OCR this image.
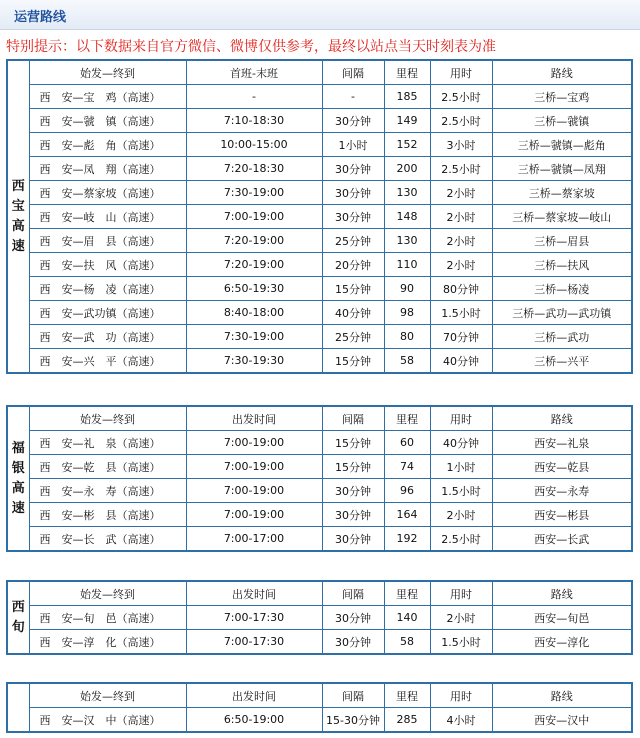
运营路线
特别提示：以下数据来自官方微信、微博仅供参考，最终以站点当天时刻表为准
西
宝
高
速	始发—终到	首班-末班	间隔	里程	用时	路线
	西　安—宝　鸡（高速）	-	-	185	2.5小时	三桥—宝鸡
	西　安—虢　镇（高速）	7:10-18:30	30分钟	149	2.5小时	三桥—虢镇
	西　安—彪　角（高速）	10:00-15:00	1小时	152	3小时	三桥—虢镇—彪角
	西　安—凤　翔（高速）	7:20-18:30	30分钟	200	2.5小时	三桥—虢镇—凤翔
	西　安—蔡家坡（高速）	7:30-19:00	30分钟	130	2小时	三桥—蔡家坡
	西　安—岐　山（高速）	7:00-19:00	30分钟	148	2小时	三桥—蔡家坡—岐山
	西　安—眉　县（高速）	7:20-19:00	25分钟	130	2小时	三桥—眉县
	西　安—扶　风（高速）	7:20-19:00	20分钟	110	2小时	三桥—扶风
	西　安—杨　凌（高速）	6:50-19:30	15分钟	90	80分钟	三桥—杨凌
	西　安—武功镇（高速）	8:40-18:00	40分钟	98	1.5小时	三桥—武功—武功镇
	西　安—武　功（高速）	7:30-19:00	25分钟	80	70分钟	三桥—武功
	西　安—兴　平（高速）	7:30-19:30	15分钟	58	40分钟	三桥—兴平
福
银
高
速	始发—终到	出发时间	间隔	里程	用时	路线
	西　安—礼　泉（高速）	7:00-19:00	15分钟	60	40分钟	西安—礼泉
	西　安—乾　县（高速）	7:00-19:00	15分钟	74	1小时	西安—乾县
	西　安—永　寿（高速）	7:00-19:00	30分钟	96	1.5小时	西安—永寿
	西　安—彬　县（高速）	7:00-19:00	30分钟	164	2小时	西安—彬县
	西　安—长　武（高速）	7:00-17:00	30分钟	192	2.5小时	西安—长武
西
旬	始发—终到	出发时间	间隔	里程	用时	路线
	西　安—旬　邑（高速）	7:00-17:30	30分钟	140	2小时	西安—旬邑
	西　安—淳　化（高速）	7:00-17:30	30分钟	58	1.5小时	西安—淳化
	始发—终到	出发时间	间隔	里程	用时	路线
	西　安—汉　中（高速）	6:50-19:00	15-30分钟	285	4小时	西安—汉中
